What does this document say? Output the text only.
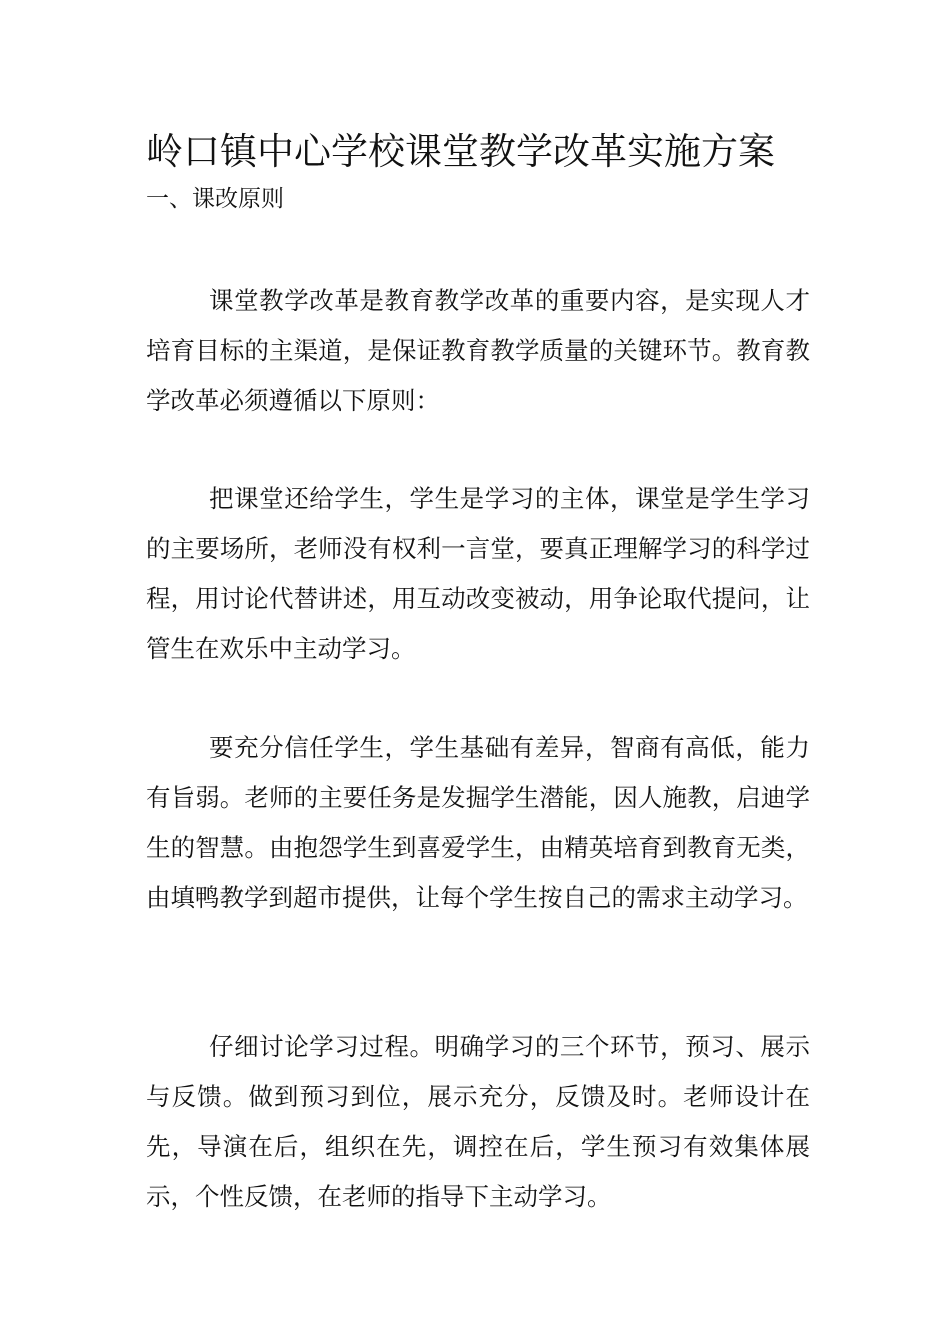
岭口镇中心学校课堂教学改革实施方案
一、课改原则

课堂教学改革是教育教学改革的重要内容，是实现人才培育目标的主渠道，是保证教育教学质量的关键环节。教育教学改革必须遵循以下原则：

把课堂还给学生，学生是学习的主体，课堂是学生学习的主要场所，老师没有权利一言堂，要真正理解学习的科学过程，用讨论代替讲述，用互动改变被动，用争论取代提问，让管生在欢乐中主动学习。

要充分信任学生，学生基础有差异，智商有高低，能力有旨弱。老师的主要任务是发掘学生潜能，因人施教，启迪学生的智慧。由抱怨学生到喜爱学生，由精英培育到教育无类，由填鸭教学到超市提供，让每个学生按自己的需求主动学习。

仔细讨论学习过程。明确学习的三个环节，预习、展示与反馈。做到预习到位，展示充分，反馈及时。老师设计在先，导演在后，组织在先，调控在后，学生预习有效集体展示，个性反馈，在老师的指导下主动学习。
